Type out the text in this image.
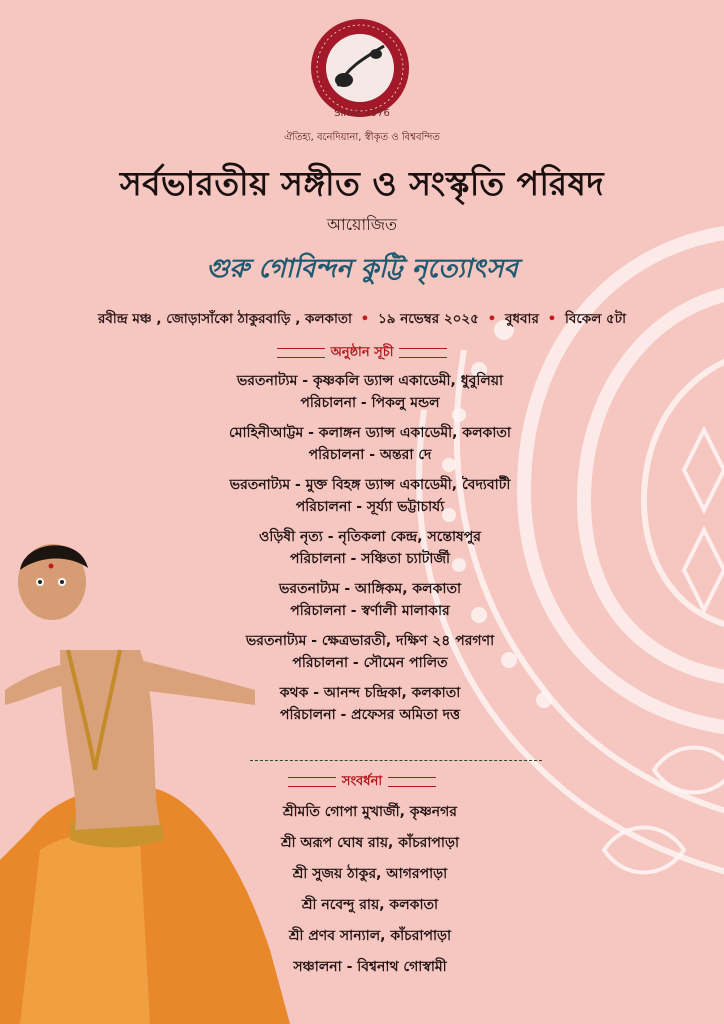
Since 1976
ঐতিহ্য, বনেদিয়ানা, স্বীকৃত ও বিশ্ববন্দিত
সর্বভারতীয় সঙ্গীত ও সংস্কৃতি পরিষদ
আয়োজিত
গুরু গোবিন্দন কুট্টি নৃত্যোৎসব
রবীন্দ্র মঞ্চ , জোড়াসাঁকো ঠাকুরবাড়ি , কলকাতা • ১৯ নভেম্বর ২০২৫ • বুধবার • বিকেল ৫টা
অনুষ্ঠান সূচী
ভরতনাট্যম - কৃষ্ণকলি ড্যান্স একাডেমী, ধুবুলিয়া
পরিচালনা - পিকলু মন্ডল
মোহিনীআট্টম - কলাঙ্গন ড্যান্স একাডেমী, কলকাতা
পরিচালনা - অন্তরা দে
ভরতনাট্যম - মুক্ত বিহঙ্গ ড্যান্স একাডেমী, বৈদ্যবাটী
পরিচালনা - সূর্য্যা ভট্টাচার্য্য
ওড়িষী নৃত্য - নৃতিকলা কেন্দ্র, সন্তোষপুর
পরিচালনা - সঞ্চিতা চ্যাটার্জী
ভরতনাট্যম - আঙ্গিকম, কলকাতা
পরিচালনা - স্বর্ণালী মালাকার
ভরতনাট্যম - ক্ষেত্রভারতী, দক্ষিণ ২৪ পরগণা
পরিচালনা - সৌমেন পালিত
কথক - আনন্দ চন্দ্রিকা, কলকাতা
পরিচালনা - প্রফেসর অমিতা দত্ত
সংবর্ধনা
শ্রীমতি গোপা মুখার্জী, কৃষ্ণনগর
শ্রী অরূপ ঘোষ রায়, কাঁচরাপাড়া
শ্রী সুজয় ঠাকুর, আগরপাড়া
শ্রী নবেন্দু রায়, কলকাতা
শ্রী প্রণব সান্যাল, কাঁচরাপাড়া
সঞ্চালনা - বিশ্বনাথ গোস্বামী
